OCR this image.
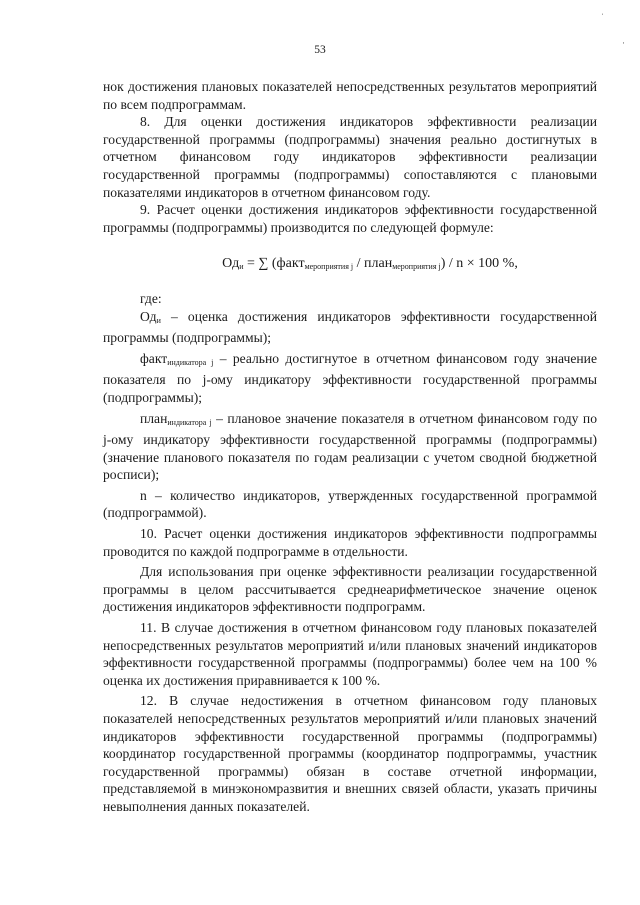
ˈ
·
53

нок достижения плановых показателей непосредственных результатов мероприятий по всем подпрограммам.

8. Для оценки достижения индикаторов эффективности реализации государственной программы (подпрограммы) значения реально достигнутых в отчетном финансовом году индикаторов эффективности реализации государственной программы (подпрограммы) сопоставляются с плановыми показателями индикаторов в отчетном финансовом году.

9. Расчет оценки достижения индикаторов эффективности государственной программы (подпрограммы) производится по следующей формуле:

$Од_и$ = ∑ (факт$_{мероприятия j}$ / план$_{мероприятия j}$) / n × 100 %,

где:

$Од_и$ – оценка достижения индикаторов эффективности государственной программы (подпрограммы);

факт$_{индикатора j}$ – реально достигнутое в отчетном финансовом году значение показателя по j-ому индикатору эффективности государственной программы (подпрограммы);

план$_{индикатора j}$ – плановое значение показателя в отчетном финансовом году по j-ому индикатору эффективности государственной программы (подпрограммы) (значение планового показателя по годам реализации с учетом сводной бюджетной росписи);

n – количество индикаторов, утвержденных государственной программой (подпрограммой).

10. Расчет оценки достижения индикаторов эффективности подпрограммы проводится по каждой подпрограмме в отдельности.

Для использования при оценке эффективности реализации государственной программы в целом рассчитывается среднеарифметическое значение оценок достижения индикаторов эффективности подпрограмм.

11. В случае достижения в отчетном финансовом году плановых показателей непосредственных результатов мероприятий и/или плановых значений индикаторов эффективности государственной программы (подпрограммы) более чем на 100 % оценка их достижения приравнивается к 100 %.

12. В случае недостижения в отчетном финансовом году плановых показателей непосредственных результатов мероприятий и/или плановых значений индикаторов эффективности государственной программы (подпрограммы) координатор государственной программы (координатор подпрограммы, участник государственной программы) обязан в составе отчетной информации, представляемой в минэкономразвития и внешних связей области, указать причины невыполнения данных показателей.
